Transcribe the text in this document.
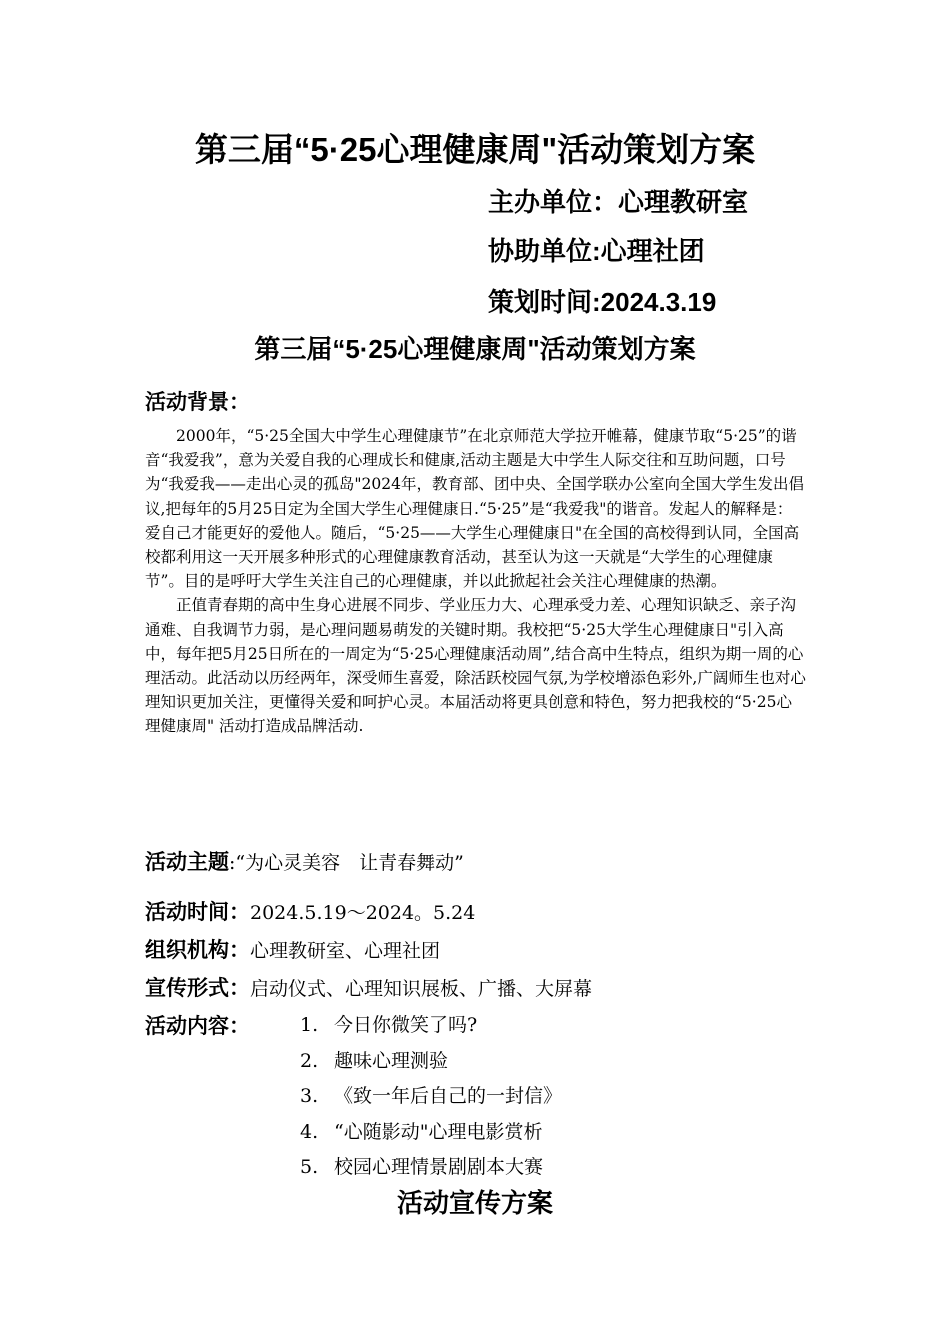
第三届“5·25心理健康周"活动策划方案
主办单位：心理教研室
协助单位:心理社团
策划时间:2024.3.19
第三届“5·25心理健康周"活动策划方案
活动背景：

2000年，“5·25全国大中学生心理健康节”在北京师范大学拉开帷幕，健康节取“5·25”的谐音“我爱我”，意为关爱自我的心理成长和健康,活动主题是大中学生人际交往和互助问题，口号为“我爱我——走出心灵的孤岛"2024年，教育部、团中央、全国学联办公室向全国大学生发出倡议,把每年的5月25日定为全国大学生心理健康日.“5·25”是“我爱我"的谐音。发起人的解释是：爱自己才能更好的爱他人。随后，“5·25——大学生心理健康日"在全国的高校得到认同，全国高校都利用这一天开展多种形式的心理健康教育活动，甚至认为这一天就是“大学生的心理健康节”。目的是呼吁大学生关注自己的心理健康，并以此掀起社会关注心理健康的热潮。

正值青春期的高中生身心进展不同步、学业压力大、心理承受力差、心理知识缺乏、亲子沟通难、自我调节力弱，是心理问题易萌发的关键时期。我校把“5·25大学生心理健康日"引入高中，每年把5月25日所在的一周定为“5·25心理健康活动周”,结合高中生特点，组织为期一周的心理活动。此活动以历经两年，深受师生喜爱，除活跃校园气氛,为学校增添色彩外,广阔师生也对心理知识更加关注，更懂得关爱和呵护心灵。本届活动将更具创意和特色，努力把我校的“5·25心理健康周" 活动打造成品牌活动.

活动主题:“为心灵美容　让青春舞动”
活动时间：2024.5.19～2024。5.24
组织机构：心理教研室、心理社团
宣传形式：启动仪式、心理知识展板、广播、大屏幕
活动内容：	1. 今日你微笑了吗?
2. 趣味心理测验
3. 《致一年后自己的一封信》
4. “心随影动"心理电影赏析
5. 校园心理情景剧剧本大赛
活动宣传方案
